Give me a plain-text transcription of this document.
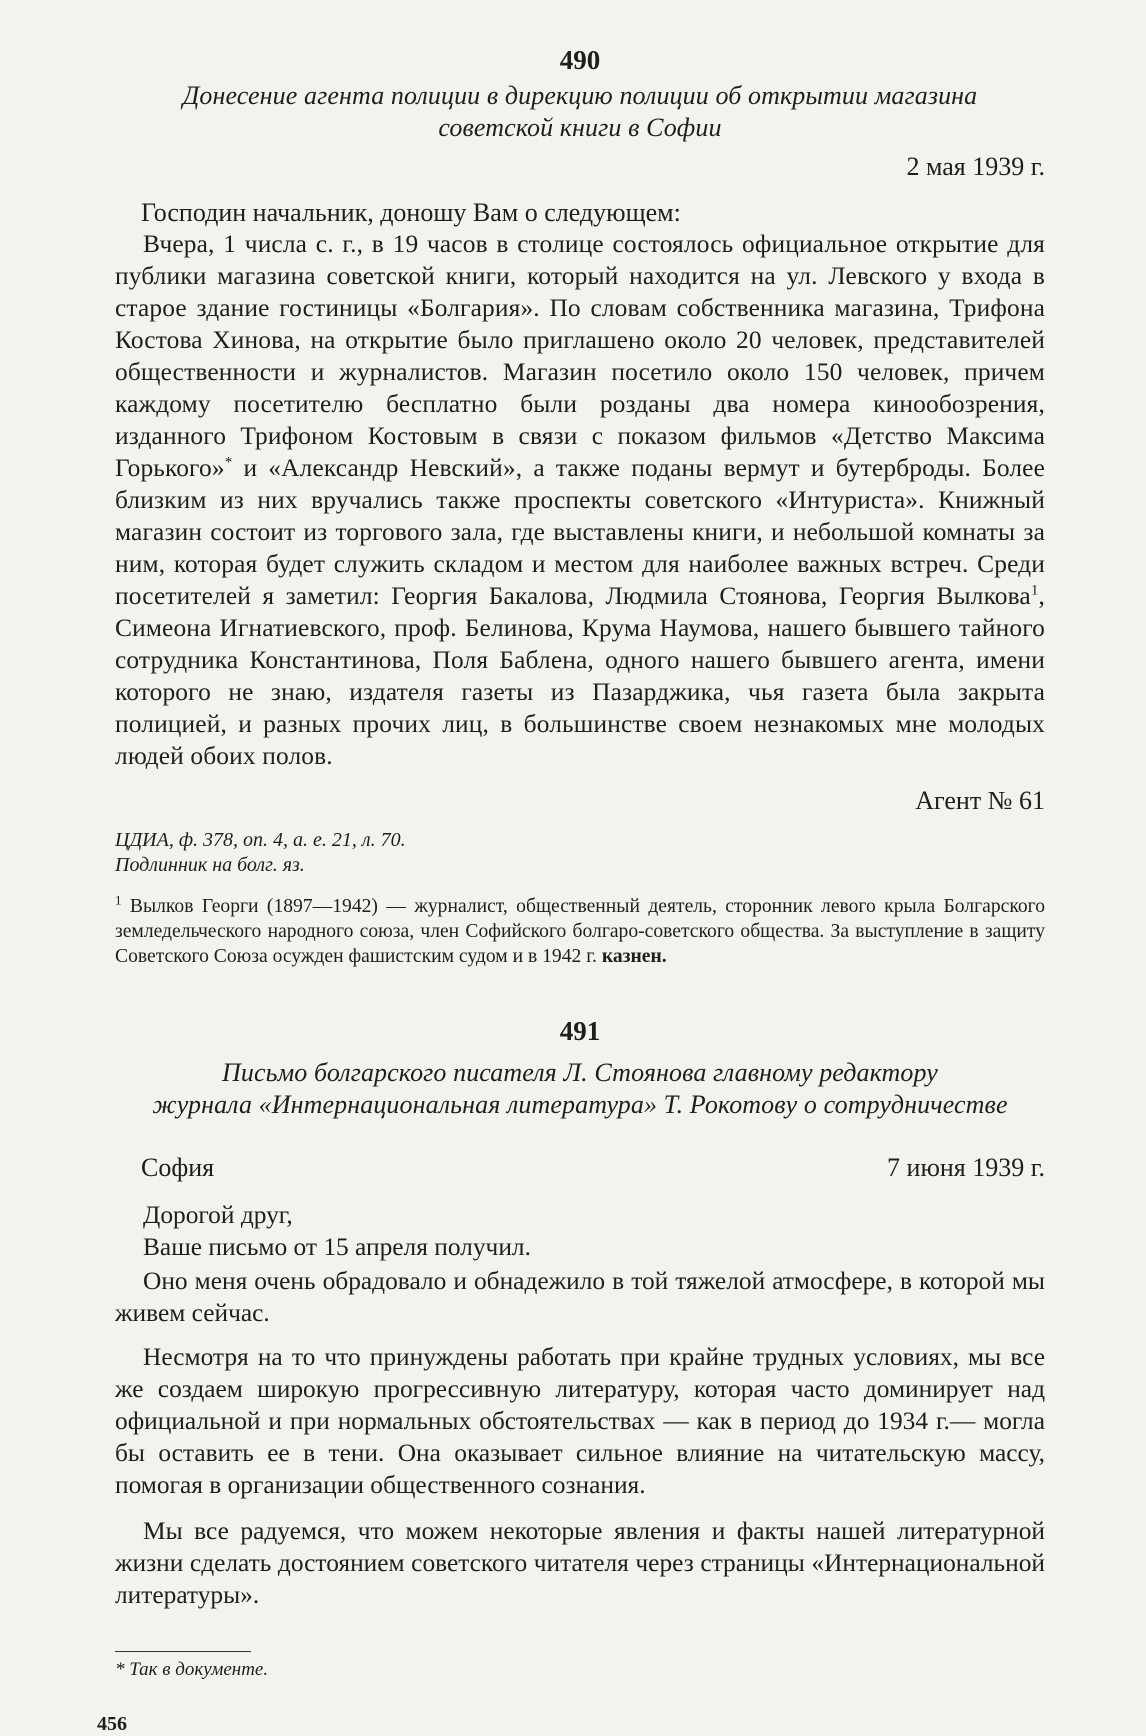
490

Донесение агента полиции в дирекцию полиции об открытии магазина
советской книги в Софии

2 мая 1939 г.

Господин начальник, доношу Вам о следующем:

Вчера, 1 числа с. г., в 19 часов в столице состоялось официальное открытие для публики магазина советской книги, который находится на ул. Левского у входа в старое здание гостиницы «Болгария». По словам собственника магазина, Трифона Костова Хинова, на открытие было приглашено около 20 человек, представителей общественности и журналистов. Магазин посетило около 150 человек, причем каждому посетителю бесплатно были розданы два номера кинообозрения, изданного Трифоном Костовым в связи с показом фильмов «Детство Максима Горького»* и «Александр Невский», а также поданы вермут и бутерброды. Более близким из них вручались также проспекты советского «Интуриста». Книжный магазин состоит из торгового зала, где выставлены книги, и небольшой комнаты за ним, которая будет служить складом и местом для наиболее важных встреч. Среди посетителей я заметил: Георгия Бакалова, Людмила Стоянова, Георгия Вылкова$^1$, Симеона Игнатиевского, проф. Белинова, Крума Наумова, нашего бывшего тайного сотрудника Константинова, Поля Баблена, одного нашего бывшего агента, имени которого не знаю, издателя газеты из Пазарджика, чья газета была закрыта полицией, и разных прочих лиц, в большинстве своем незнакомых мне молодых людей обоих полов.

Агент № 61

ЦДИА, ф. 378, оп. 4, а. е. 21, л. 70.
Подлинник на болг. яз.

$^1$ Вылков Георги (1897—1942) — журналист, общественный деятель, сторонник левого крыла Болгарского земледельческого народного союза, член Софийского болгаро-советского общества. За выступление в защиту Советского Союза осужден фашистским судом и в 1942 г. казнен.

491

Письмо болгарского писателя Л. Стоянова главному редактору
журнала «Интернациональная литература» Т. Рокотову о сотрудничестве

София	7 июня 1939 г.

Дорогой друг,

Ваше письмо от 15 апреля получил.

Оно меня очень обрадовало и обнадежило в той тяжелой атмосфере, в которой мы живем сейчас.

Несмотря на то что принуждены работать при крайне трудных условиях, мы все же создаем широкую прогрессивную литературу, которая часто доминирует над официальной и при нормальных обстоятельствах — как в период до 1934 г.— могла бы оставить ее в тени. Она оказывает сильное влияние на читательскую массу, помогая в организации общественного сознания.

Мы все радуемся, что можем некоторые явления и факты нашей литературной жизни сделать достоянием советского читателя через страницы «Интернациональной литературы».

* Так в документе.

456
